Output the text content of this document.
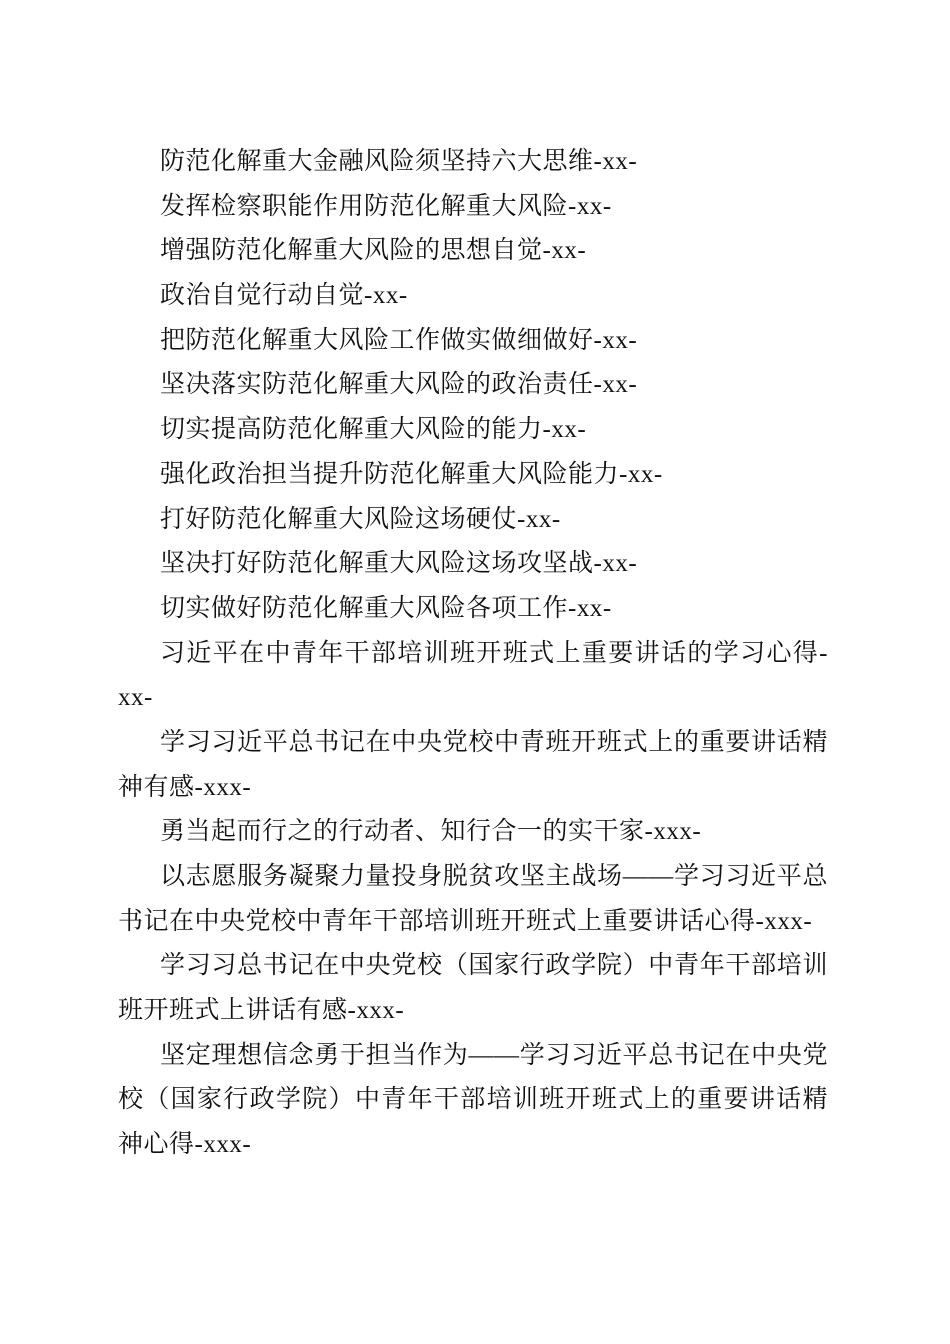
防范化解重大金融风险须坚持六大思维-xx-

发挥检察职能作用防范化解重大风险-xx-

增强防范化解重大风险的思想自觉-xx-

政治自觉行动自觉-xx-

把防范化解重大风险工作做实做细做好-xx-

坚决落实防范化解重大风险的政治责任-xx-

切实提高防范化解重大风险的能力-xx-

强化政治担当提升防范化解重大风险能力-xx-

打好防范化解重大风险这场硬仗-xx-

坚决打好防范化解重大风险这场攻坚战-xx-

切实做好防范化解重大风险各项工作-xx-

习近平在中青年干部培训班开班式上重要讲话的学习心得-
xx-

学习习近平总书记在中央党校中青班开班式上的重要讲话精
神有感-xxx-

勇当起而行之的行动者、知行合一的实干家-xxx-

以志愿服务凝聚力量投身脱贫攻坚主战场——学习习近平总
书记在中央党校中青年干部培训班开班式上重要讲话心得-xxx-

学习习总书记在中央党校（国家行政学院）中青年干部培训
班开班式上讲话有感-xxx-

坚定理想信念勇于担当作为——学习习近平总书记在中央党
校（国家行政学院）中青年干部培训班开班式上的重要讲话精
神心得-xxx-
